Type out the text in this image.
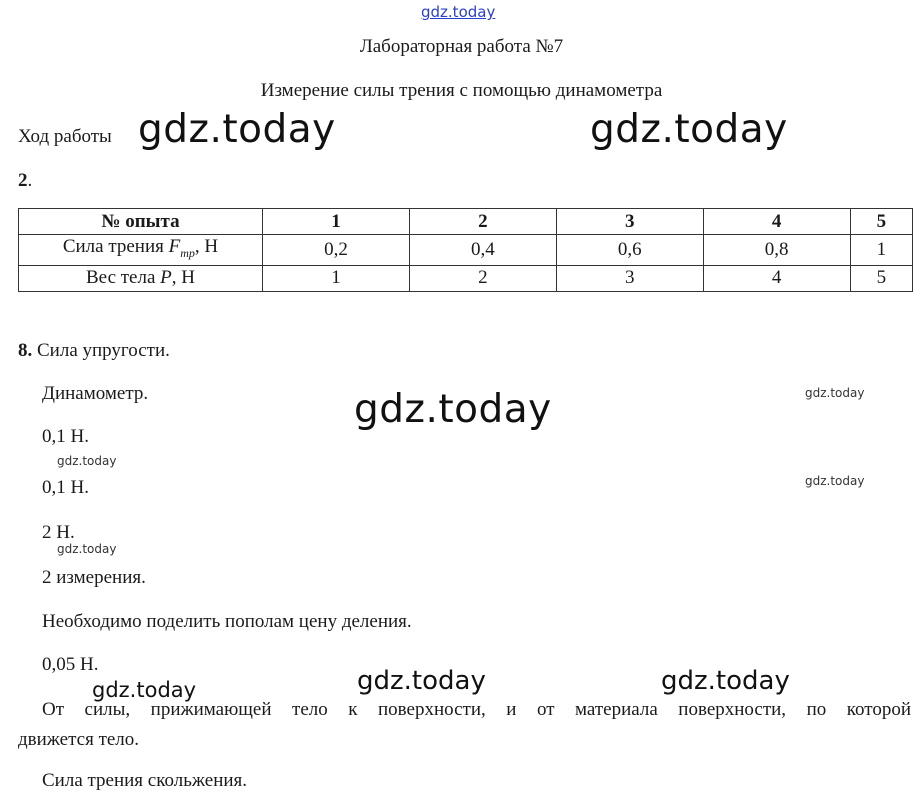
gdz.today
Лабораторная работа №7
Измерение силы трения с помощью динамометра
Ход работы gdz.today	gdz.today
2.
№ опыта	1	2	3	4	5
Сила трения $F_{тр}$, Н	0,2	0,4	0,6	0,8	1
Вес тела P, Н	1	2	3	4	5
8. Сила упругости.
Динамометр.	gdz.today	gdz.today
0,1 Н.
gdz.today
0,1 Н.	gdz.today
2 Н.
gdz.today
2 измерения.
Необходимо поделить пополам цену деления.
0,05 Н.
gdz.today	gdz.today
gdz.today
От силы, прижимающей тело к поверхности, и от материала поверхности, по которой
движется тело.
Сила трения скольжения.
